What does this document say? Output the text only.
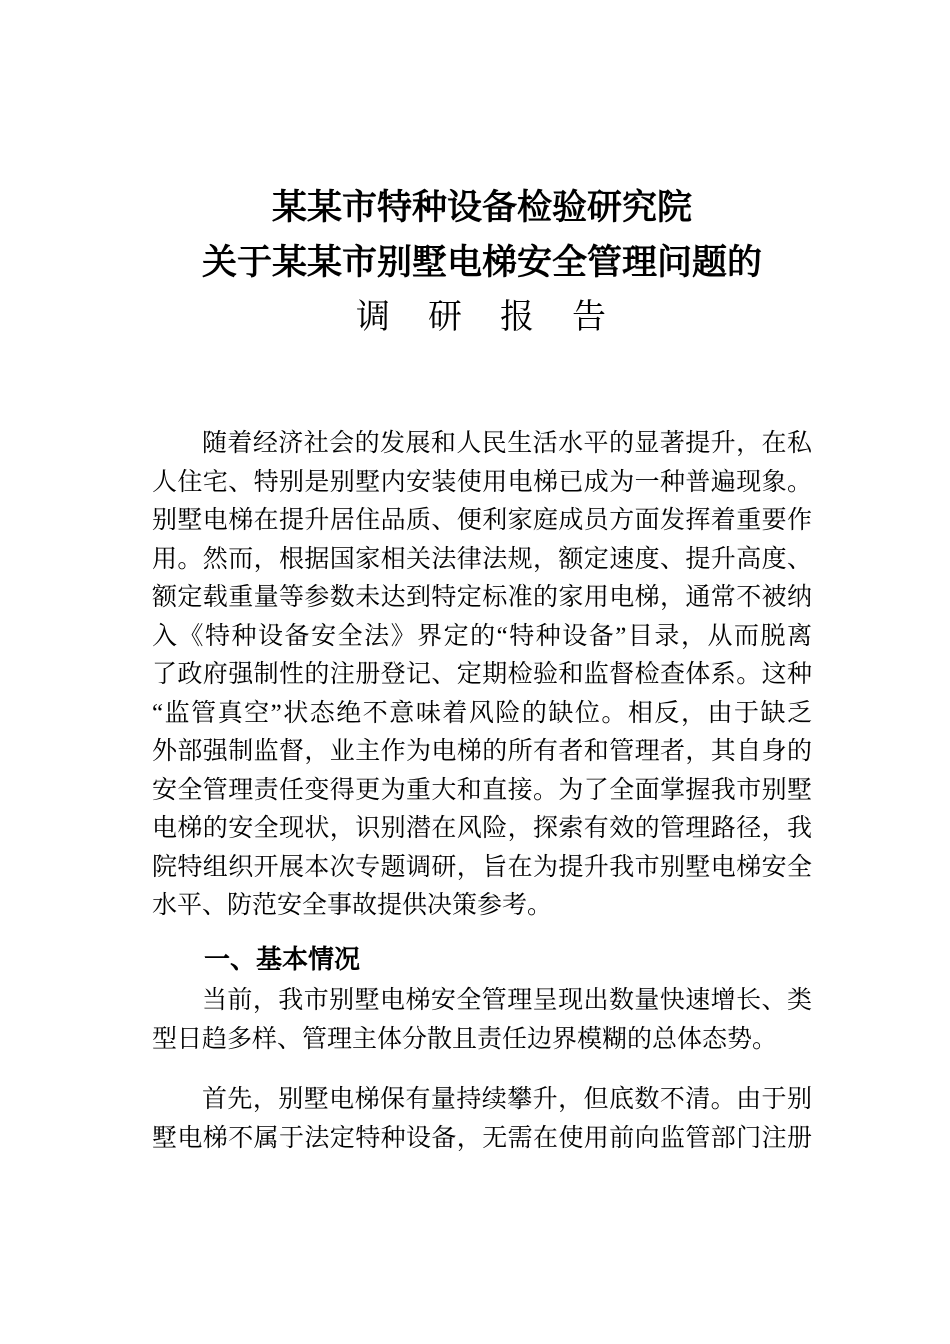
某某市特种设备检验研究院
关于某某市别墅电梯安全管理问题的
调　研　报　告
随着经济社会的发展和人民生活水平的显著提升，在私
人住宅、特别是别墅内安装使用电梯已成为一种普遍现象。
别墅电梯在提升居住品质、便利家庭成员方面发挥着重要作
用。然而，根据国家相关法律法规，额定速度、提升高度、
额定载重量等参数未达到特定标准的家用电梯，通常不被纳
入《特种设备安全法》界定的“特种设备”目录，从而脱离
了政府强制性的注册登记、定期检验和监督检查体系。这种
“监管真空”状态绝不意味着风险的缺位。相反，由于缺乏
外部强制监督，业主作为电梯的所有者和管理者，其自身的
安全管理责任变得更为重大和直接。为了全面掌握我市别墅
电梯的安全现状，识别潜在风险，探索有效的管理路径，我
院特组织开展本次专题调研，旨在为提升我市别墅电梯安全
水平、防范安全事故提供决策参考。
一、基本情况
当前，我市别墅电梯安全管理呈现出数量快速增长、类
型日趋多样、管理主体分散且责任边界模糊的总体态势。
首先，别墅电梯保有量持续攀升，但底数不清。由于别
墅电梯不属于法定特种设备，无需在使用前向监管部门注册
